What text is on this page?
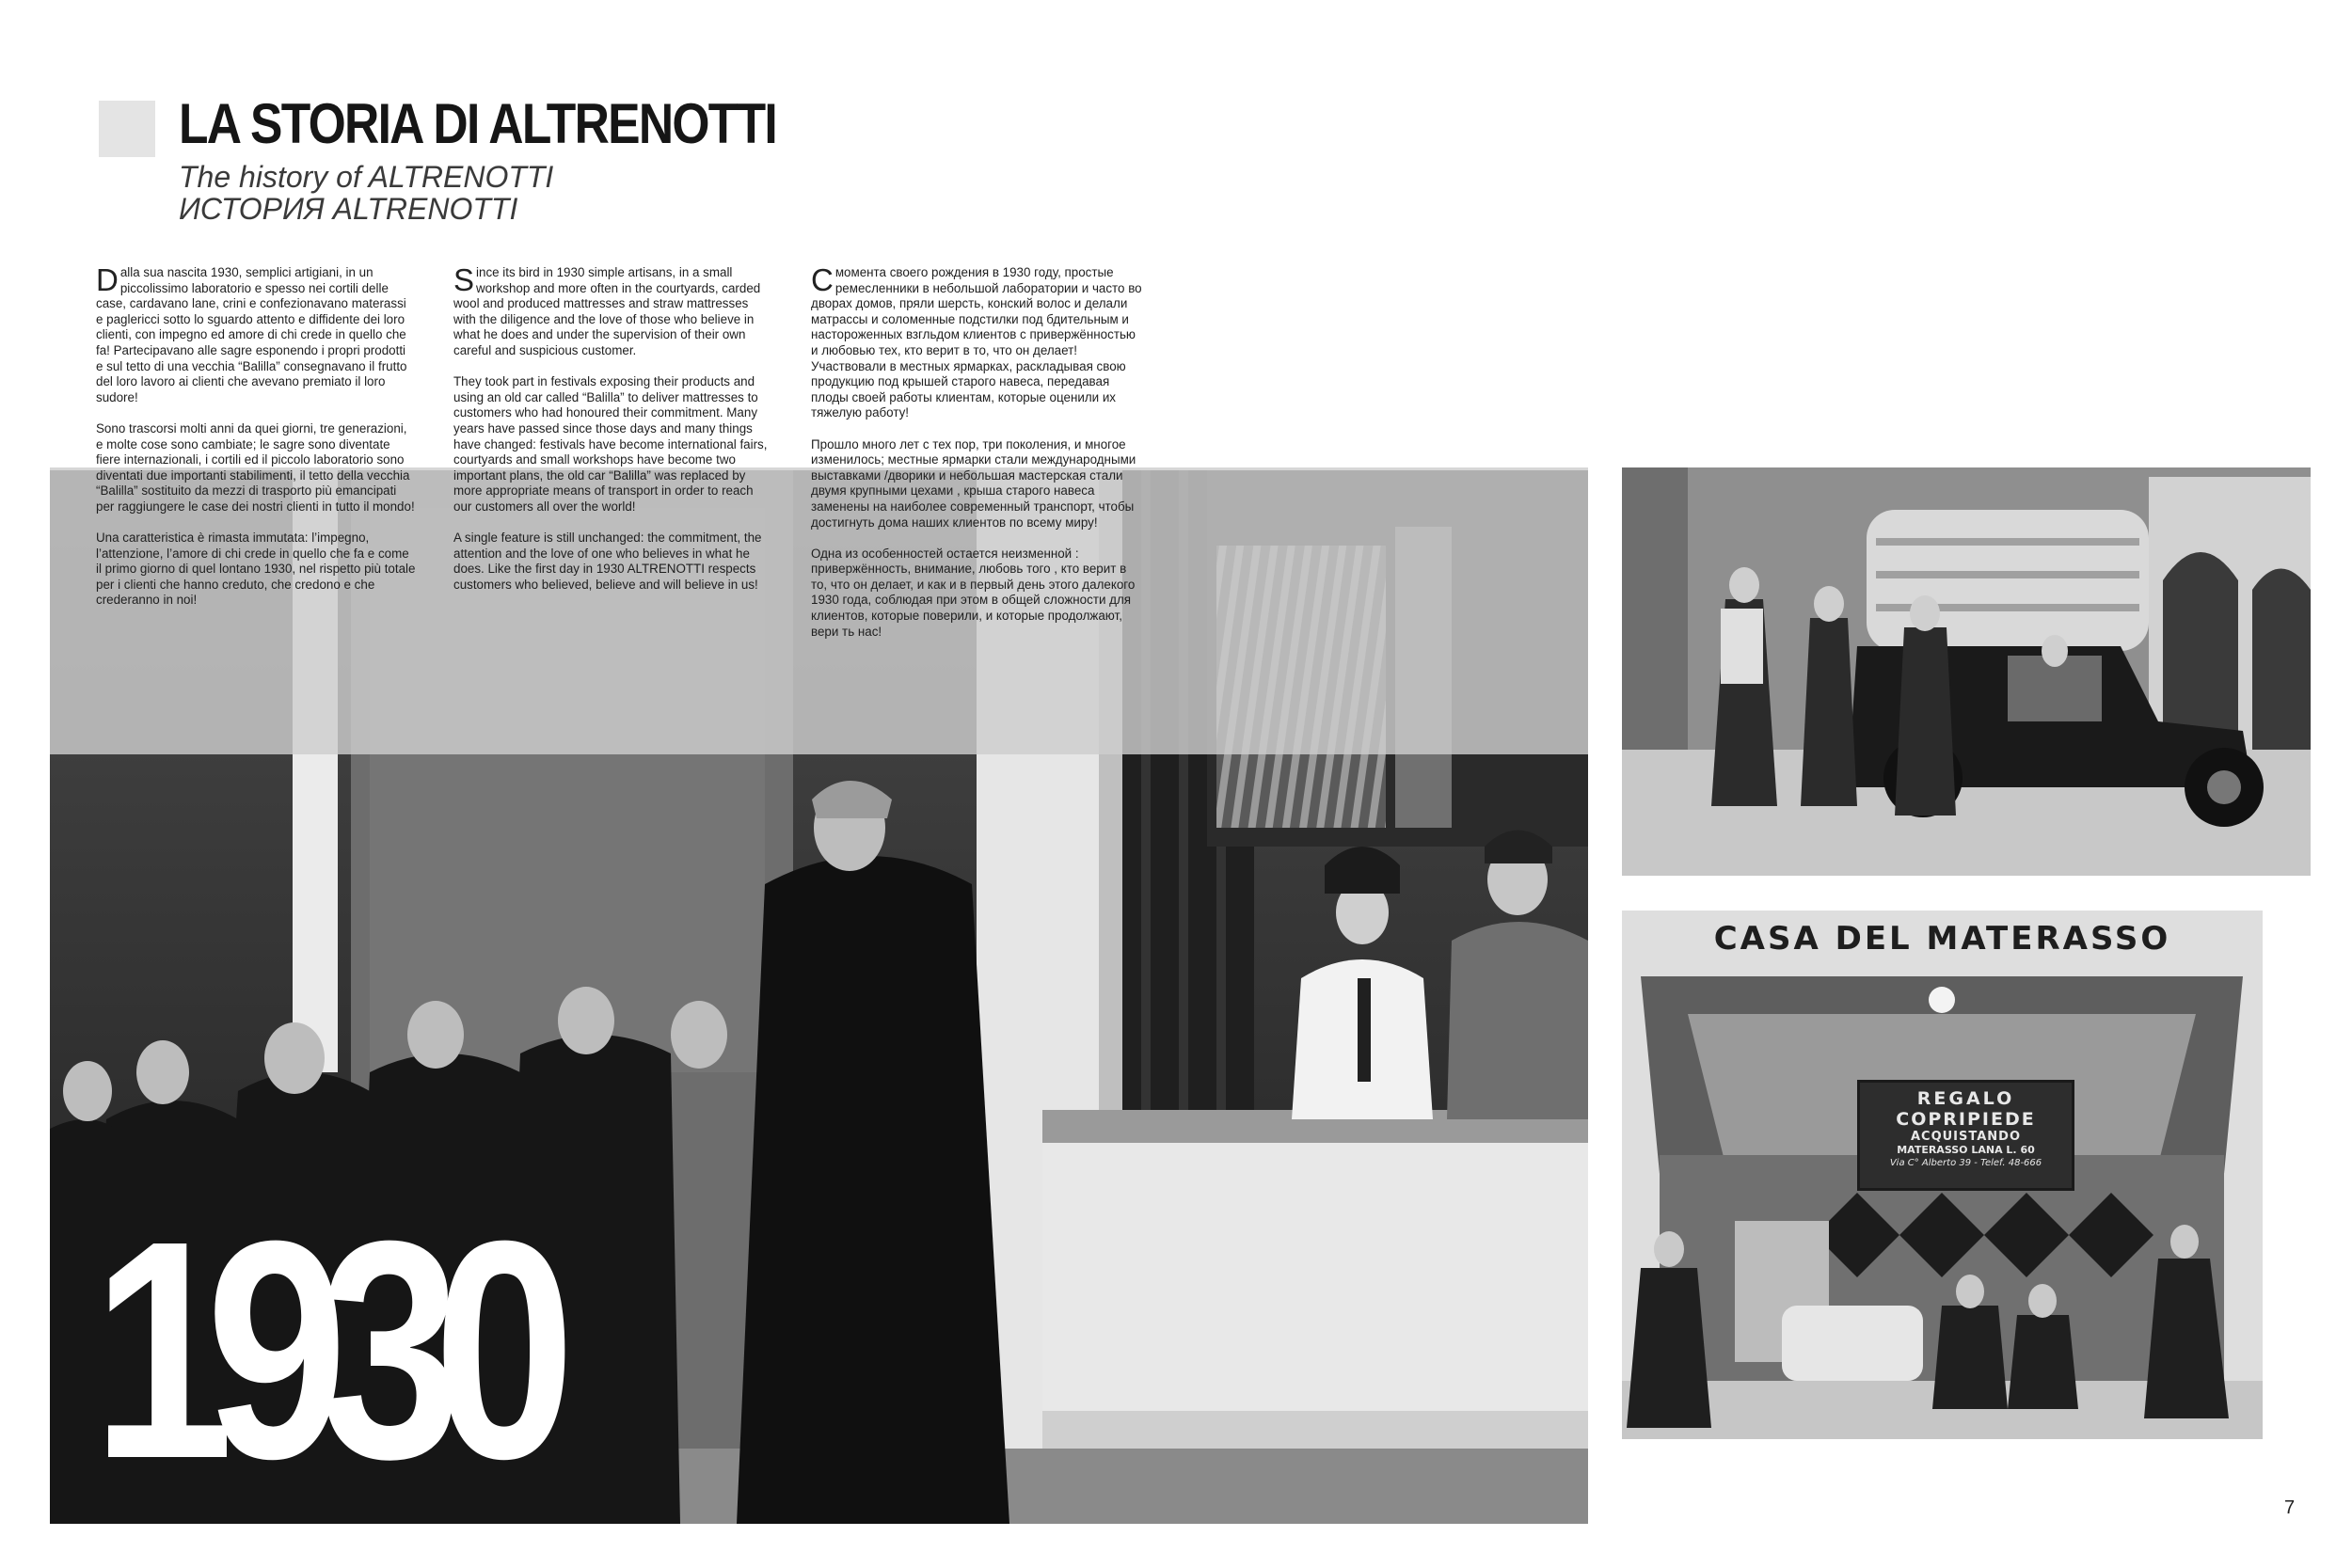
LA STORIA DI ALTRENOTTI
The history of ALTRENOTTI
ИСТОРИЯ ALTRENOTTI

Dalla sua nascita 1930, semplici artigiani, in un piccolissimo laboratorio e spesso nei cortili delle case, cardavano lane, crini e confezionavano materassi e paglericci sotto lo sguardo attento e diffidente dei loro clienti, con impegno ed amore di chi crede in quello che fa! Partecipavano alle sagre esponendo i propri prodotti e sul tetto di una vecchia “Balilla” consegnavano il frutto del loro lavoro ai clienti che avevano premiato il loro sudore!

Sono trascorsi molti anni da quei giorni, tre generazioni, e molte cose sono cambiate; le sagre sono diventate fiere internazionali, i cortili ed il piccolo laboratorio sono diventati due importanti stabilimenti, il tetto della vecchia “Balilla” sostituito da mezzi di trasporto più emancipati per raggiungere le case dei nostri clienti in tutto il mondo!

Una caratteristica è rimasta immutata: l’impegno, l’attenzione, l’amore di chi crede in quello che fa e come il primo giorno di quel lontano 1930, nel rispetto più totale per i clienti che hanno creduto, che credono e che crederanno in noi!

Since its bird in 1930 simple artisans, in a small workshop and more often in the courtyards, carded wool and produced mattresses and straw mattresses with the diligence and the love of those who believe in what he does and under the supervision of their own careful and suspicious customer.

They took part in festivals exposing their products and using an old car called “Balilla” to deliver mattresses to customers who had honoured their commitment. Many years have passed since those days and many things have changed: festivals have become international fairs, courtyards and small workshops have become two important plans, the old car “Balilla” was replaced by more appropriate means of transport in order to reach our customers all over the world!

A single feature is still unchanged: the commitment, the attention and the love of one who believes in what he does. Like the first day in 1930 ALTRENOTTI respects customers who believed, believe and will believe in us!

Смомента своего рождения в 1930 году, простые ремесленники в небольшой лаборатории и часто во дворах домов, пряли шерсть, конский волос и делали матрассы и соломенные подстилки под бдительным и настороженных взгльдом клиентов с привержённостью и любовью тех, кто верит в то, что он делает! Участвовали в местных ярмарках, раскладывая свою продукцию под крышей старого навеса, передавая плоды своей работы клиентам, которые оценили их тяжелую работу!

Прошло много лет с тех пор, три поколения, и многое изменилось; местные ярмарки стали международными выставками /дворики и небольшая мастерская стали двумя крупными цехами , крыша старого навеса заменены на наиболее современный транспорт, чтобы достигнуть дома наших клиентов по всему миру!

Одна из особенностей остается неизменной : привержённость, внимание, любовь того , кто верит в то, что он делает, и как и в первый день этого далекого 1930 года, соблюдая при этом в общей сложности для клиентов, которые поверили, и которые продолжают, вери ть нас!

1930
CASA DEL MATERASSO
REGALO
COPRIPIEDE
ACQUISTANDO
MATERASSO LANA L. 60
Via C° Alberto 39 - Telef. 48-666
7
